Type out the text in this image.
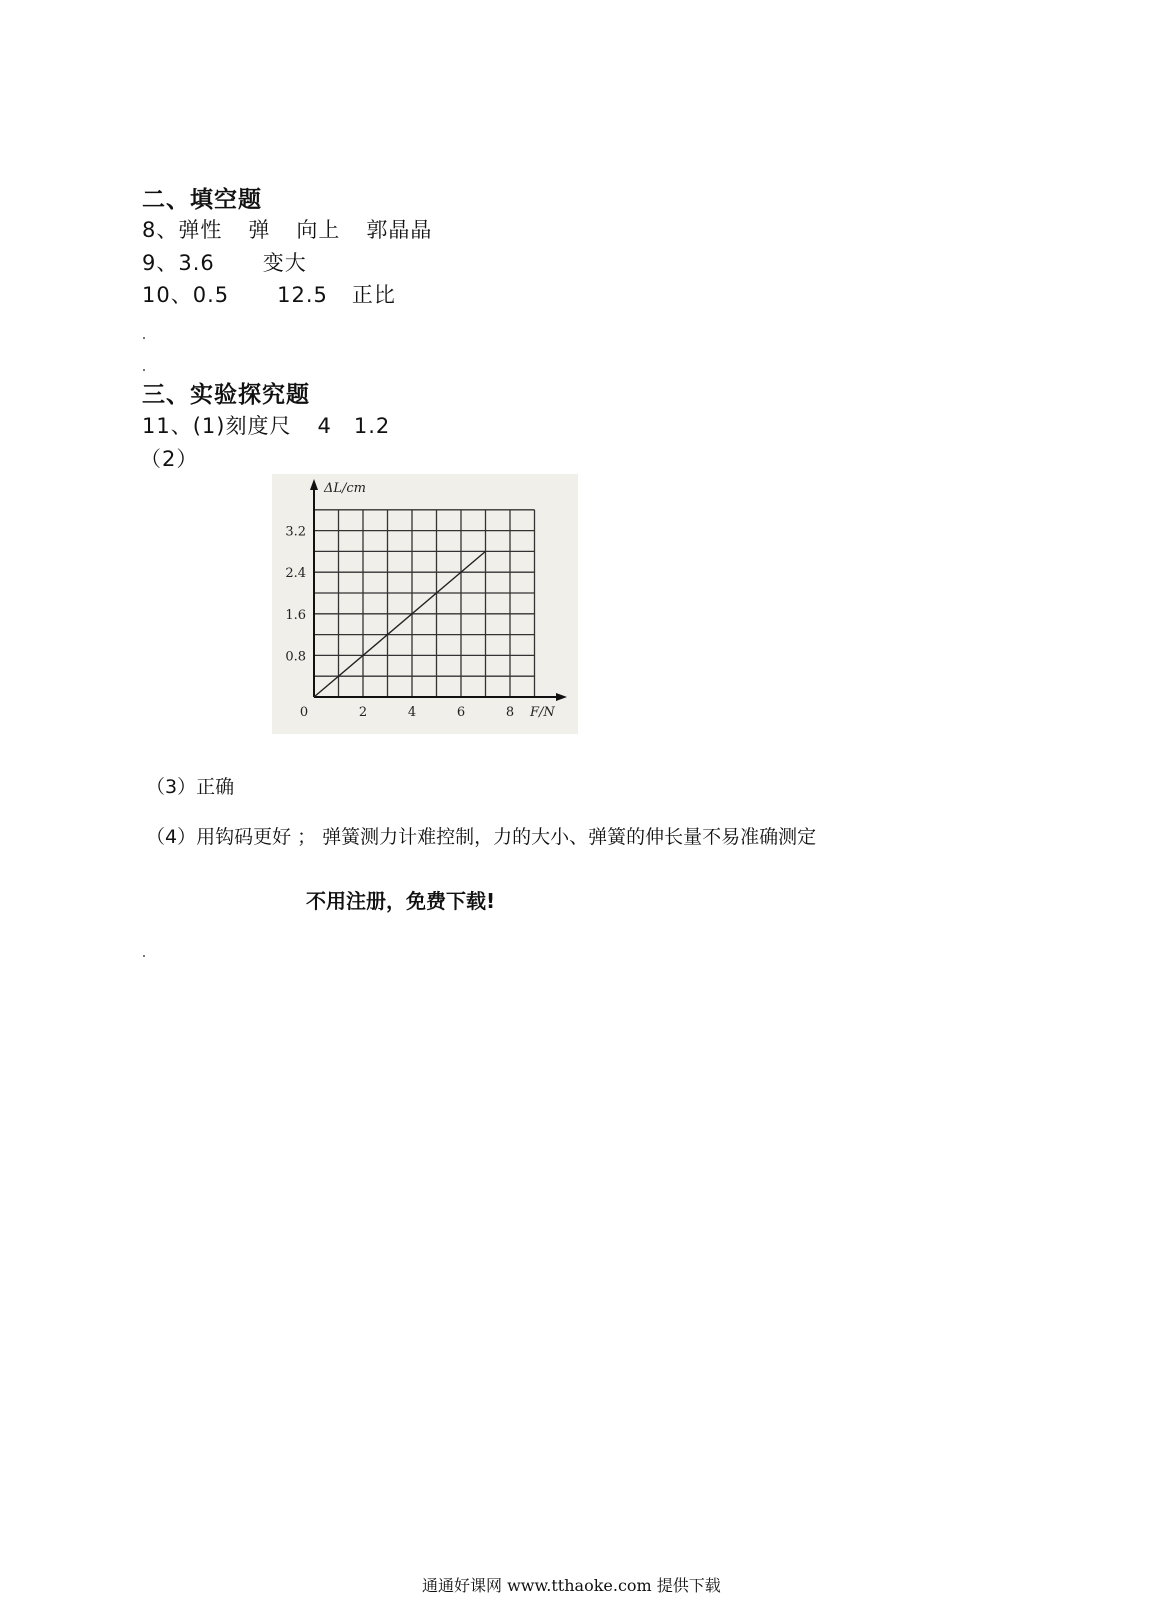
二、填空题
8、弹性 弹 向上 郭晶晶
9、3.6 变大
10、0.5 12.5 正比
三、实验探究题
11、(1)刻度尺 4 1.2
（2）
0.8
1.6
2.4
3.2
0	2	4	6	8
ΔL/cm
F/N
（3）正确
（4）用钩码更好 ； 弹簧测力计难控制，力的大小、弹簧的伸长量不易准确测定
不用注册，免费下载!
通通好课网 www.tthaoke.com 提供下载
